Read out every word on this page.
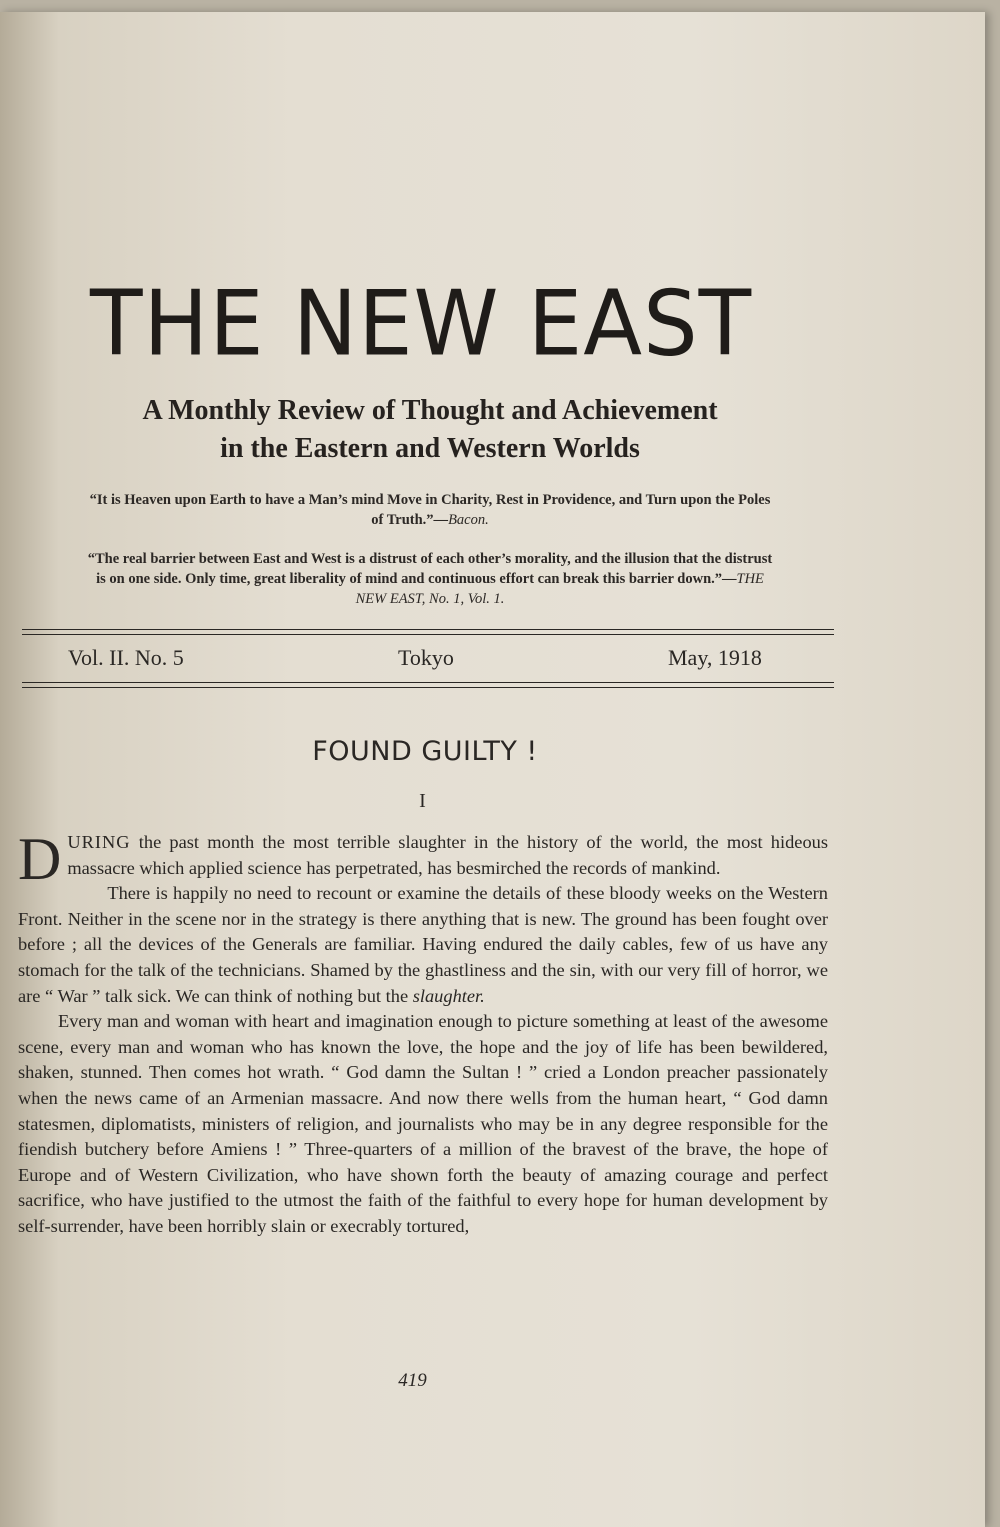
THE NEW EAST
A Monthly Review of Thought and Achievement
in the Eastern and Western Worlds
“It is Heaven upon Earth to have a Man’s mind Move in Charity, Rest in Providence, and Turn upon the Poles of Truth.”—Bacon.
“The real barrier between East and West is a distrust of each other’s morality, and the illusion that the distrust is on one side. Only time, great liberality of mind and continuous effort can break this barrier down.”—THE NEW EAST, No. 1, Vol. 1.
Vol. II. No. 5	Tokyo	May, 1918
FOUND GUILTY !
I

DURING the past month the most terrible slaughter in the history of the world, the most hideous massacre which applied science has perpetrated, has besmirched the records of mankind.

There is happily no need to recount or examine the details of these bloody weeks on the Western Front. Neither in the scene nor in the strategy is there anything that is new. The ground has been fought over before ; all the devices of the Generals are familiar. Having endured the daily cables, few of us have any stomach for the talk of the technicians. Shamed by the ghastliness and the sin, with our very fill of horror, we are “ War ” talk sick. We can think of nothing but the slaughter.

Every man and woman with heart and imagination enough to picture something at least of the awesome scene, every man and woman who has known the love, the hope and the joy of life has been bewildered, shaken, stunned. Then comes hot wrath. “ God damn the Sultan ! ” cried a London preacher passionately when the news came of an Armenian massacre. And now there wells from the human heart, “ God damn statesmen, diplomatists, ministers of religion, and journalists who may be in any degree responsible for the fiendish butchery before Amiens ! ” Three-quarters of a million of the bravest of the brave, the hope of Europe and of Western Civilization, who have shown forth the beauty of amazing courage and perfect sacrifice, who have justified to the utmost the faith of the faithful to every hope for human development by self-surrender, have been horribly slain or execrably tortured,

419
